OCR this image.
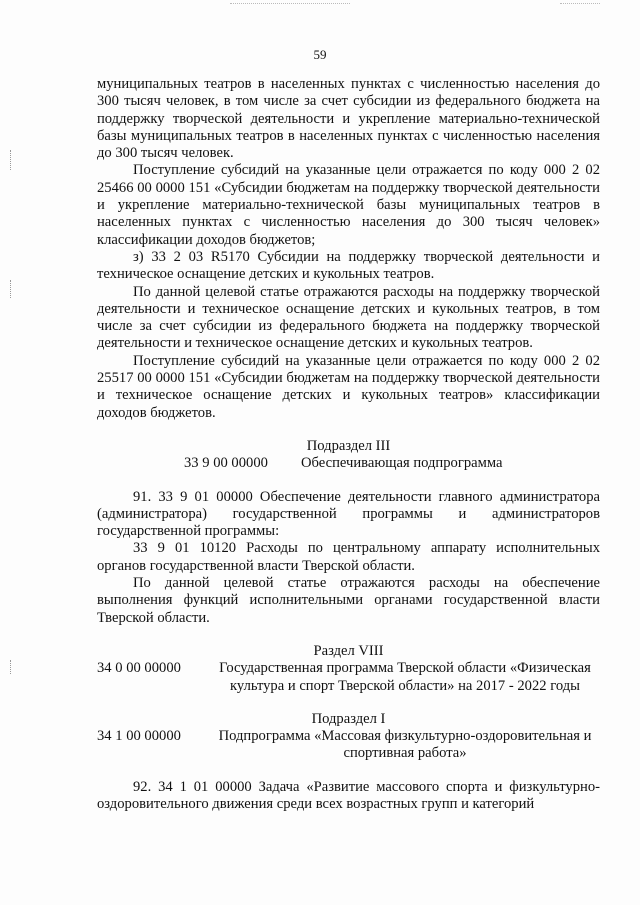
59

муниципальных театров в населенных пунктах с численностью населения до 300 тысяч человек, в том числе за счет субсидии из федерального бюджета на поддержку творческой деятельности и укрепление материально-технической базы муниципальных театров в населенных пунктах с численностью населения до 300 тысяч человек.

Поступление субсидий на указанные цели отражается по коду 000 2 02 25466 00 0000 151 «Субсидии бюджетам на поддержку творческой деятельности и укрепление материально-технической базы муниципальных театров в населенных пунктах с численностью населения до 300 тысяч человек» классификации доходов бюджетов;

з) 33 2 03 R5170 Субсидии на поддержку творческой деятельности и техническое оснащение детских и кукольных театров.

По данной целевой статье отражаются расходы на поддержку творческой деятельности и техническое оснащение детских и кукольных театров, в том числе за счет субсидии из федерального бюджета на поддержку творческой деятельности и техническое оснащение детских и кукольных театров.

Поступление субсидий на указанные цели отражается по коду 000 2 02 25517 00 0000 151 «Субсидии бюджетам на поддержку творческой деятельности и техническое оснащение детских и кукольных театров» классификации доходов бюджетов.

Подраздел III

33 9 00 00000	Обеспечивающая подпрограмма

91. 33 9 01 00000 Обеспечение деятельности главного администратора (администратора) государственной программы и администраторов государственной программы:

33 9 01 10120 Расходы по центральному аппарату исполнительных органов государственной власти Тверской области.

По данной целевой статье отражаются расходы на обеспечение выполнения функций исполнительными органами государственной власти Тверской области.

Раздел VIII

34 0 00 00000	Государственная программа Тверской области «Физическая культура и спорт Тверской области» на 2017 - 2022 годы

Подраздел I

34 1 00 00000	Подпрограмма «Массовая физкультурно-оздоровительная и спортивная работа»

92. 34 1 01 00000 Задача «Развитие массового спорта и физкультурно-оздоровительного движения среди всех возрастных групп и категорий
